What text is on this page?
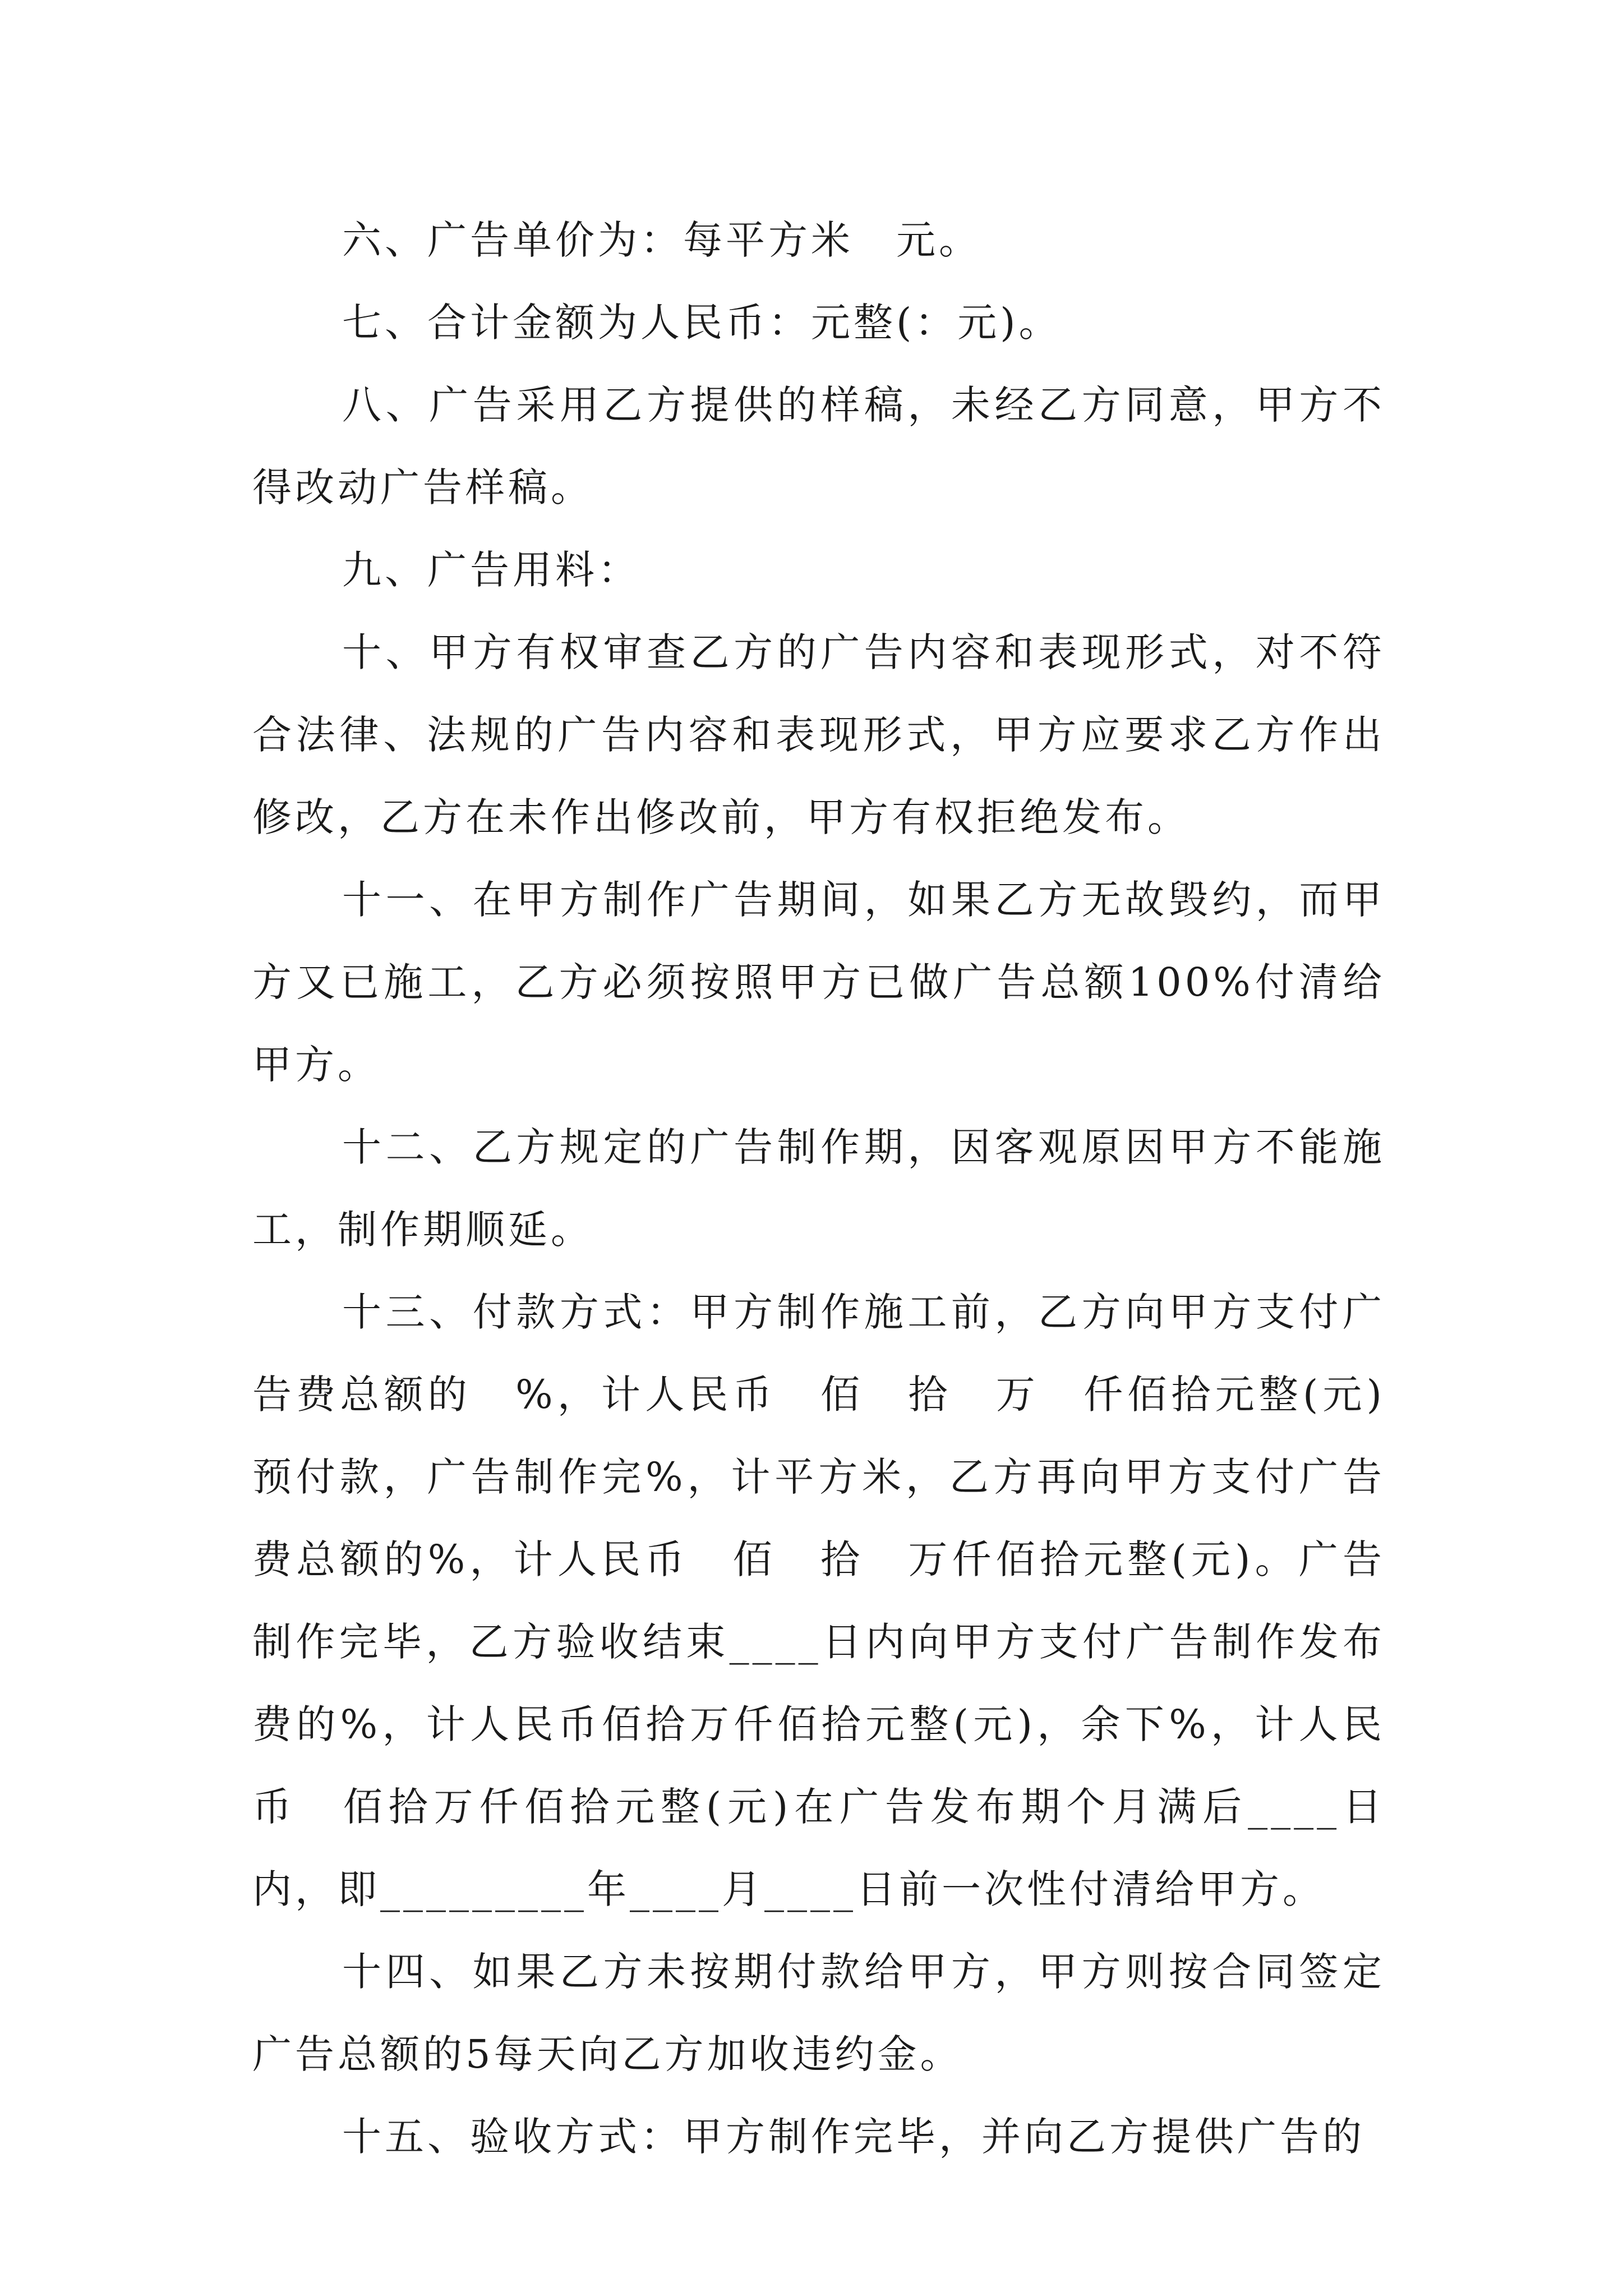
六、广告单价为：每平方米　元。

七、合计金额为人民币：元整(：元)。

八、广告采用乙方提供的样稿，未经乙方同意，甲方不得改动广告样稿。

九、广告用料：

十、甲方有权审查乙方的广告内容和表现形式，对不符合法律、法规的广告内容和表现形式，甲方应要求乙方作出修改，乙方在未作出修改前，甲方有权拒绝发布。

十一、在甲方制作广告期间，如果乙方无故毁约，而甲方又已施工，乙方必须按照甲方已做广告总额100%付清给甲方。

十二、乙方规定的广告制作期，因客观原因甲方不能施工，制作期顺延。

十三、付款方式：甲方制作施工前，乙方向甲方支付广告费总额的　%，计人民币　佰　拾　万　仟佰拾元整(元)预付款，广告制作完%，计平方米，乙方再向甲方支付广告费总额的%，计人民币　佰　拾　万仟佰拾元整(元)。广告制作完毕，乙方验收结束____日内向甲方支付广告制作发布费的%，计人民币佰拾万仟佰拾元整(元)，余下%，计人民币　佰拾万仟佰拾元整(元)在广告发布期个月满后____日内，即_________年____月____日前一次性付清给甲方。

十四、如果乙方未按期付款给甲方，甲方则按合同签定广告总额的5每天向乙方加收违约金。

十五、验收方式：甲方制作完毕，并向乙方提供广告的
